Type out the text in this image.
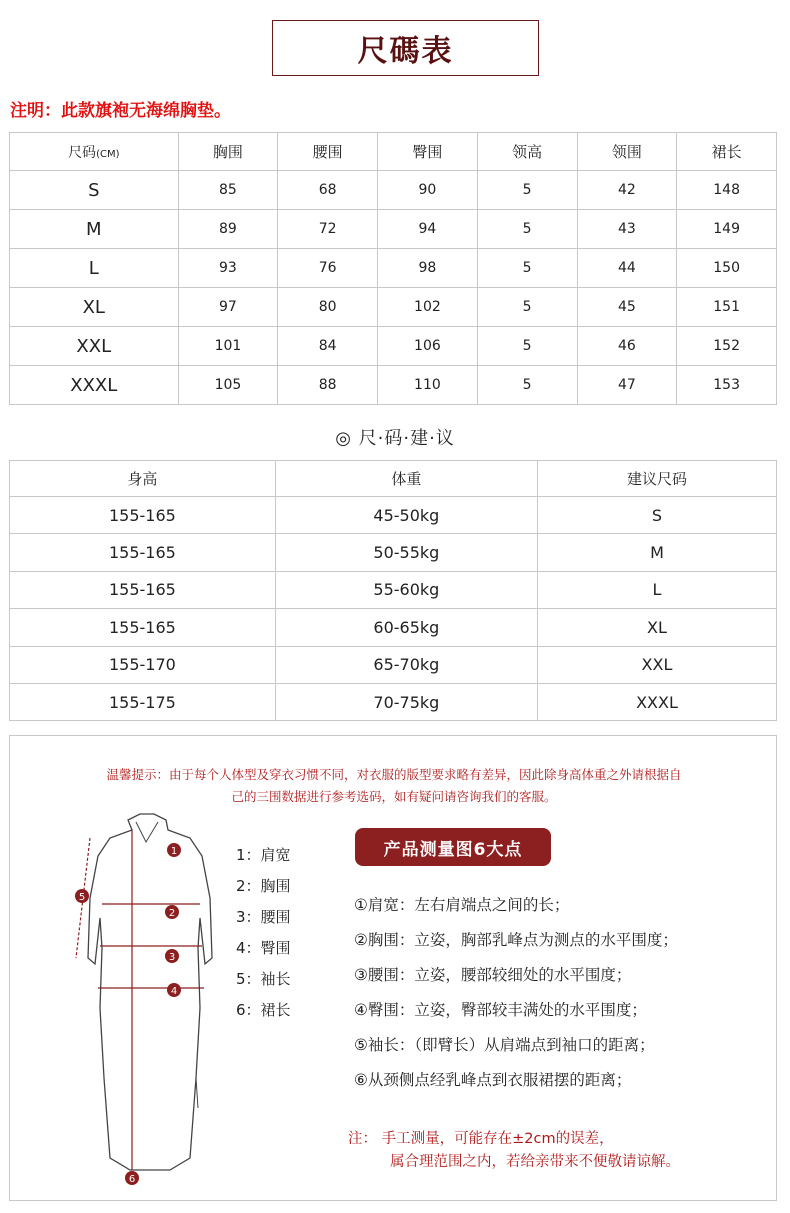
尺碼表
注明：此款旗袍无海绵胸垫。
尺码(CM)	胸围	腰围	臀围	领高	领围	裙长
S	85	68	90	5	42	148
M	89	72	94	5	43	149
L	93	76	98	5	44	150
XL	97	80	102	5	45	151
XXL	101	84	106	5	46	152
XXXL	105	88	110	5	47	153
◎ 尺·码·建·议
身高	体重	建议尺码
155-165	45-50kg	S
155-165	50-55kg	M
155-165	55-60kg	L
155-165	60-65kg	XL
155-170	65-70kg	XXL
155-175	70-75kg	XXXL
温馨提示：由于每个人体型及穿衣习惯不同，对衣服的版型要求略有差异，因此除身高体重之外请根据自
己的三围数据进行参考选码，如有疑问请咨询我们的客服。
1
2
3
4
5
6
1：肩宽
2：胸围
3：腰围
4：臀围
5：袖长
6：裙长
产品测量图6大点
①肩宽：左右肩端点之间的长；
②胸围：立姿，胸部乳峰点为测点的水平围度；
③腰围：立姿，腰部较细处的水平围度；
④臀围：立姿，臀部较丰满处的水平围度；
⑤袖长：（即臂长）从肩端点到袖口的距离；
⑥从颈侧点经乳峰点到衣服裙摆的距离；
注： 手工测量，可能存在±2cm的误差，
属合理范围之内，若给亲带来不便敬请谅解。
